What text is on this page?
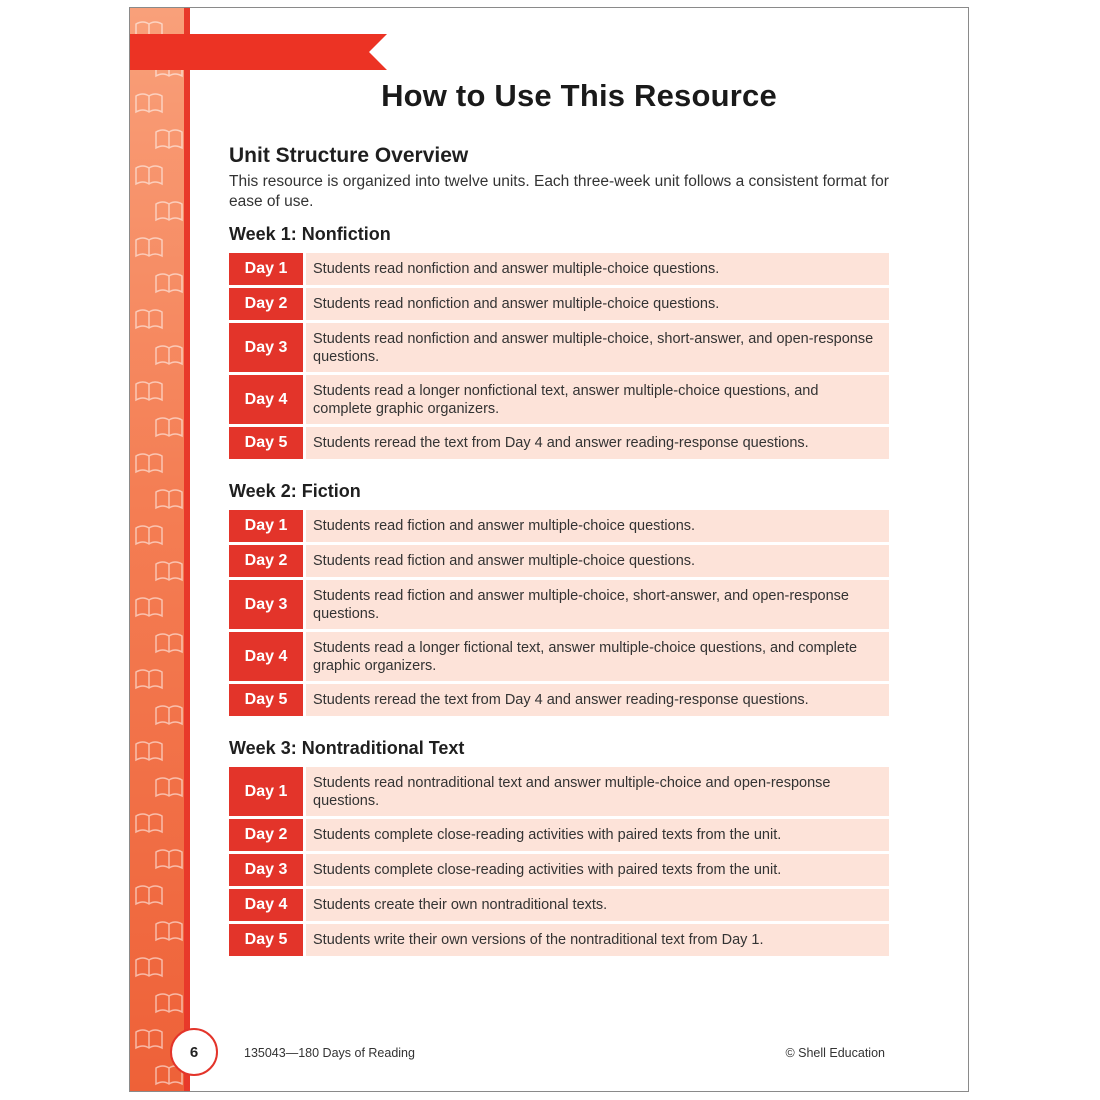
Introduction
How to Use This Resource
Unit Structure Overview
This resource is organized into twelve units. Each three-week unit follows a consistent format for ease of use.
Week 1: Nonfiction
Day 1	Students read nonfiction and answer multiple-choice questions.
Day 2	Students read nonfiction and answer multiple-choice questions.
Day 3	Students read nonfiction and answer multiple-choice, short-answer, and open-response questions.
Day 4	Students read a longer nonfictional text, answer multiple-choice questions, and complete graphic organizers.
Day 5	Students reread the text from Day 4 and answer reading-response questions.
Week 2: Fiction
Day 1	Students read fiction and answer multiple-choice questions.
Day 2	Students read fiction and answer multiple-choice questions.
Day 3	Students read fiction and answer multiple-choice, short-answer, and open-response questions.
Day 4	Students read a longer fictional text, answer multiple-choice questions, and complete graphic organizers.
Day 5	Students reread the text from Day 4 and answer reading-response questions.
Week 3: Nontraditional Text
Day 1	Students read nontraditional text and answer multiple-choice and open-response questions.
Day 2	Students complete close-reading activities with paired texts from the unit.
Day 3	Students complete close-reading activities with paired texts from the unit.
Day 4	Students create their own nontraditional texts.
Day 5	Students write their own versions of the nontraditional text from Day 1.
6	135043—180 Days of Reading	© Shell Education
